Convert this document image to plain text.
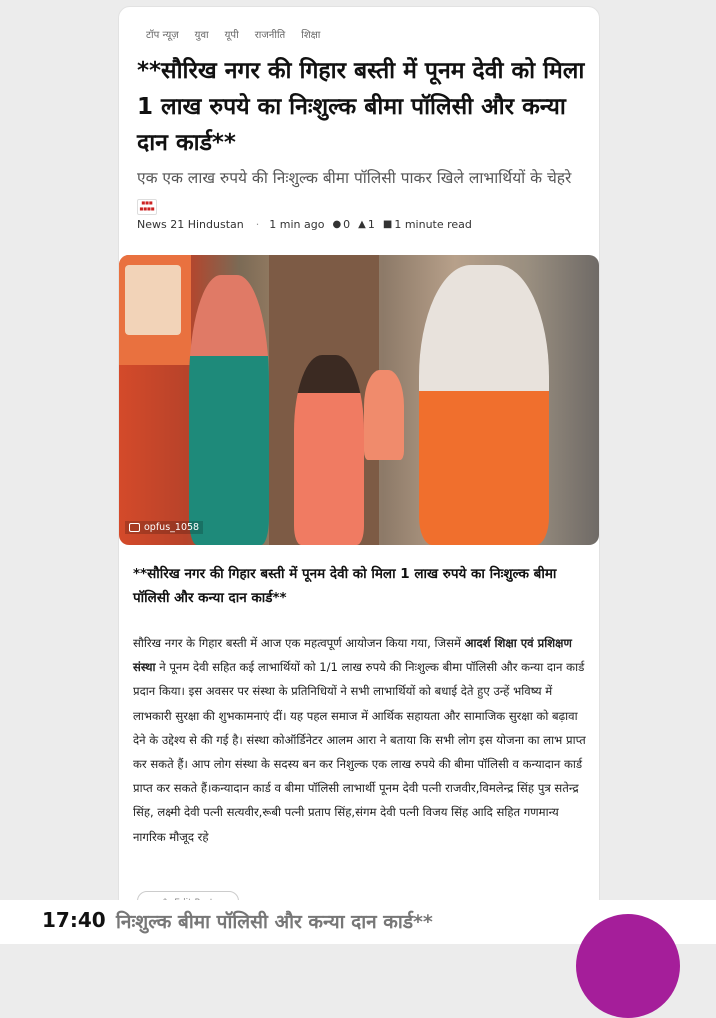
टॉप न्यूज़ युवा यूपी राजनीति शिक्षा
**सौरिख नगर की गिहार बस्ती में पूनम देवी को मिला 1 लाख रुपये का निःशुल्क बीमा पॉलिसी और कन्या दान कार्ड**

एक एक लाख रुपये की निःशुल्क बीमा पॉलिसी पाकर खिले लाभार्थियों के चेहरे

■■■
■■■■
News 21 Hindustan · 1 min ago ● 0 ▲ 1 ■ 1 minute read
opfus_1058
**सौरिख नगर की गिहार बस्ती में पूनम देवी को मिला 1 लाख रुपये का निःशुल्क बीमा पॉलिसी और कन्या दान कार्ड**

सौरिख नगर के गिहार बस्ती में आज एक महत्वपूर्ण आयोजन किया गया, जिसमें आदर्श शिक्षा एवं प्रशिक्षण संस्था ने पूनम देवी सहित कई लाभार्थियों को 1/1 लाख रुपये की निःशुल्क बीमा पॉलिसी और कन्या दान कार्ड प्रदान किया। इस अवसर पर संस्था के प्रतिनिधियों ने सभी लाभार्थियों को बधाई देते हुए उन्हें भविष्य में लाभकारी सुरक्षा की शुभकामनाएं दीं। यह पहल समाज में आर्थिक सहायता और सामाजिक सुरक्षा को बढ़ावा देने के उद्देश्य से की गई है। संस्था कोऑर्डिनेटर आलम आरा ने बताया कि सभी लोग इस योजना का लाभ प्राप्त कर सकते हैं। आप लोग संस्था के सदस्य बन कर निशुल्क एक लाख रुपये की बीमा पॉलिसी व कन्यादान कार्ड प्राप्त कर सकते हैं।कन्यादान कार्ड व बीमा पॉलिसी लाभार्थी पूनम देवी पत्नी राजवीर,विमलेन्द्र सिंह पुत्र सतेन्द्र सिंह, लक्ष्मी देवी पत्नी सत्यवीर,रूबी पत्नी प्रताप सिंह,संगम देवी पत्नी विजय सिंह आदि सहित गणमान्य नागरिक मौजूद रहे

17:40 निःशुल्क बीमा पॉलिसी और कन्या दान कार्ड**
